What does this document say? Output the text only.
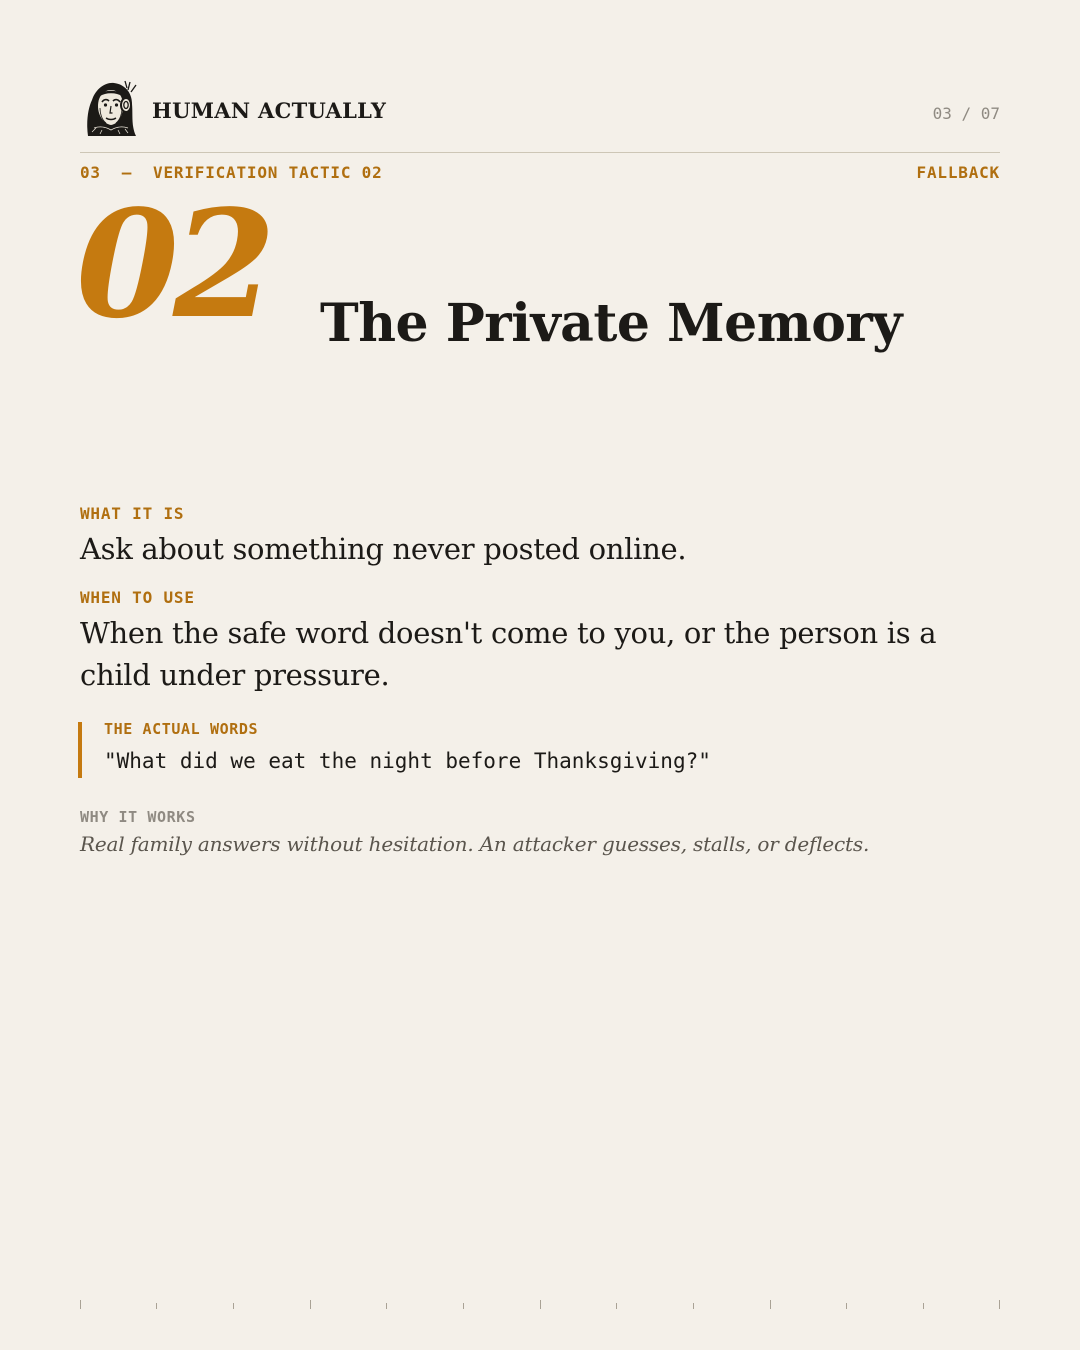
HUMAN ACTUALLY	03 / 07
03  —  VERIFICATION TACTIC 02	FALLBACK
02 The Private Memory
WHAT IT IS
Ask about something never posted online.
WHEN TO USE
When the safe word doesn't come to you, or the person is a child under pressure.
THE ACTUAL WORDS
"What did we eat the night before Thanksgiving?"
WHY IT WORKS
Real family answers without hesitation. An attacker guesses, stalls, or deflects.
